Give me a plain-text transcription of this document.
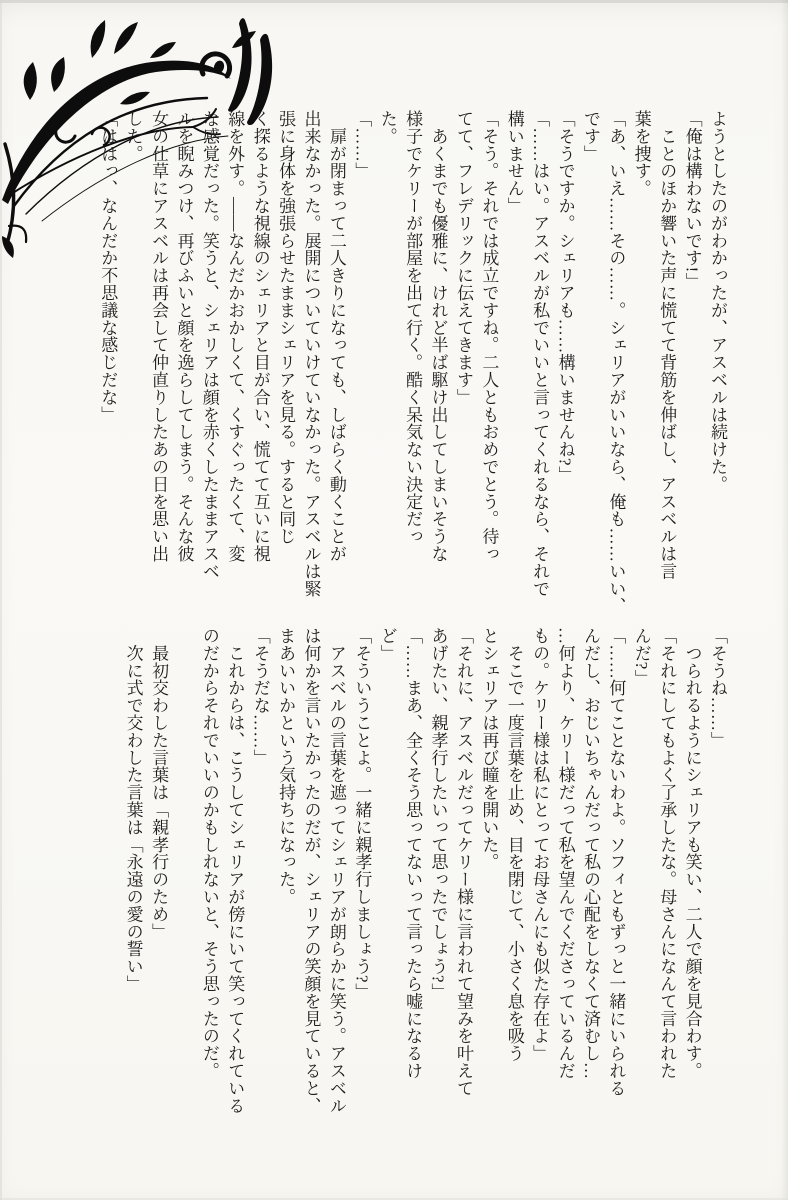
ようとしたのがわかったが、アスベルは続けた。
「俺は構わないです!」
　ことのほか響いた声に慌てて背筋を伸ばし、アスベルは言
葉を捜す。
「あ、いえ……その……。シェリアがいいなら、俺も……いい、
です」
「そうですか。シェリアも……構いませんね?」
「……はい。アスベルが私でいいと言ってくれるなら、それで
構いません」
「そう。それでは成立ですね。二人ともおめでとう。待っ
てて、フレデリックに伝えてきます」
　あくまでも優雅に、けれど半ば駆け出してしまいそうな
様子でケリーが部屋を出て行く。酷く呆気ない決定だっ
た。
「……」
　扉が閉まって二人きりになっても、しばらく動くことが
出来なかった。展開についていけていなかった。アスベルは緊
張に身体を強張らせたままシェリアを見る。すると同じ
く探るような視線のシェリアと目が合い、慌てて互いに視
線を外す。――なんだかおかしくて、くすぐったくて、変
な感覚だった。笑うと、シェリアは顔を赤くしたままアスベ
ルを睨みつけ、再びふいと顔を逸らしてしまう。そんな彼
女の仕草にアスベルは再会して仲直りしたあの日を思い出
した。
「ははっ、なんだか不思議な感じだな」
「そうね……」
　つられるようにシェリアも笑い、二人で顔を見合わす。
「それにしてもよく了承したな。母さんになんて言われた
んだ?」
「……何てことないわよ。ソフィともずっと一緒にいられる
んだし、おじいちゃんだって私の心配をしなくて済むし…
…何より、ケリー様だって私を望んでくださっているんだ
もの。ケリー様は私にとってお母さんにも似た存在よ」
　そこで一度言葉を止め、目を閉じて、小さく息を吸う
とシェリアは再び瞳を開いた。
「それに、アスベルだってケリー様に言われて望みを叶えて
あげたい、親孝行したいって思ったでしょう?」
「……まあ、全くそう思ってないって言ったら嘘になるけ
ど」
「そういうことよ。一緒に親孝行しましょう?」
　アスベルの言葉を遮ってシェリアが朗らかに笑う。アスベル
は何かを言いたかったのだが、シェリアの笑顔を見ていると、
まあいいかという気持ちになった。
「そうだな……」
　これからは、こうしてシェリアが傍にいて笑ってくれている
のだからそれでいいのかもしれないと、そう思ったのだ。

　最初交わした言葉は「親孝行のため」
　次に式で交わした言葉は「永遠の愛の誓い」
